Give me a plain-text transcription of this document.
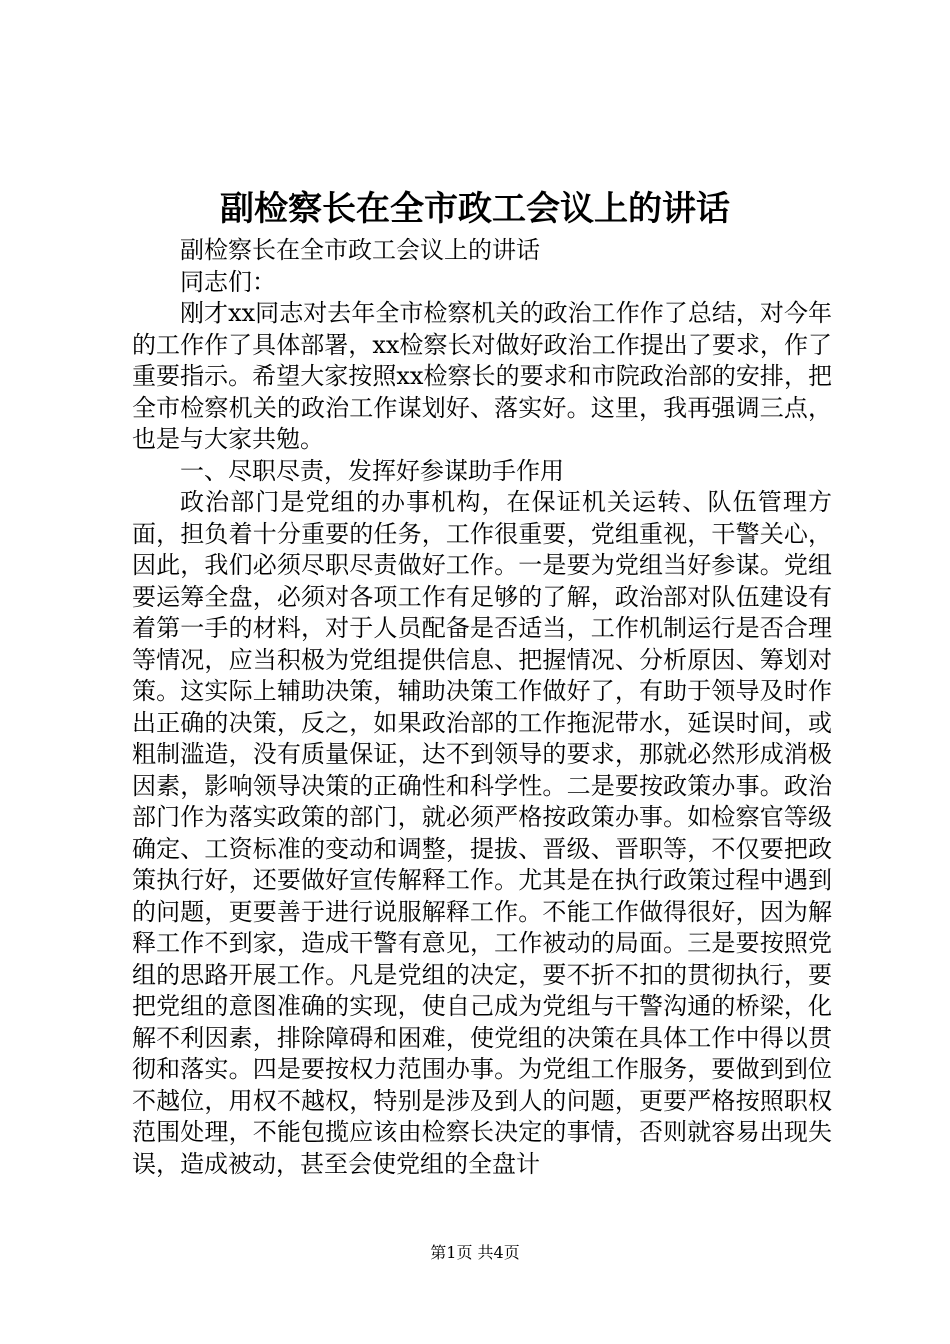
副检察长在全市政工会议上的讲话

副检察长在全市政工会议上的讲话

同志们：

刚才xx同志对去年全市检察机关的政治工作作了总结，对今年的工作作了具体部署，xx检察长对做好政治工作提出了要求，作了重要指示。希望大家按照xx检察长的要求和市院政治部的安排，把全市检察机关的政治工作谋划好、落实好。这里，我再强调三点，也是与大家共勉。

一、尽职尽责，发挥好参谋助手作用

政治部门是党组的办事机构，在保证机关运转、队伍管理方面，担负着十分重要的任务，工作很重要，党组重视，干警关心，因此，我们必须尽职尽责做好工作。一是要为党组当好参谋。党组要运筹全盘，必须对各项工作有足够的了解，政治部对队伍建设有着第一手的材料，对于人员配备是否适当，工作机制运行是否合理等情况，应当积极为党组提供信息、把握情况、分析原因、筹划对策。这实际上辅助决策，辅助决策工作做好了，有助于领导及时作出正确的决策，反之，如果政治部的工作拖泥带水，延误时间，或粗制滥造，没有质量保证，达不到领导的要求，那就必然形成消极因素，影响领导决策的正确性和科学性。二是要按政策办事。政治部门作为落实政策的部门，就必须严格按政策办事。如检察官等级确定、工资标准的变动和调整，提拔、晋级、晋职等，不仅要把政策执行好，还要做好宣传解释工作。尤其是在执行政策过程中遇到的问题，更要善于进行说服解释工作。不能工作做得很好，因为解释工作不到家，造成干警有意见，工作被动的局面。三是要按照党组的思路开展工作。凡是党组的决定，要不折不扣的贯彻执行，要把党组的意图准确的实现，使自己成为党组与干警沟通的桥梁，化解不利因素，排除障碍和困难，使党组的决策在具体工作中得以贯彻和落实。四是要按权力范围办事。为党组工作服务，要做到到位不越位，用权不越权，特别是涉及到人的问题，更要严格按照职权范围处理，不能包揽应该由检察长决定的事情，否则就容易出现失误，造成被动，甚至会使党组的全盘计

第1页 共4页
